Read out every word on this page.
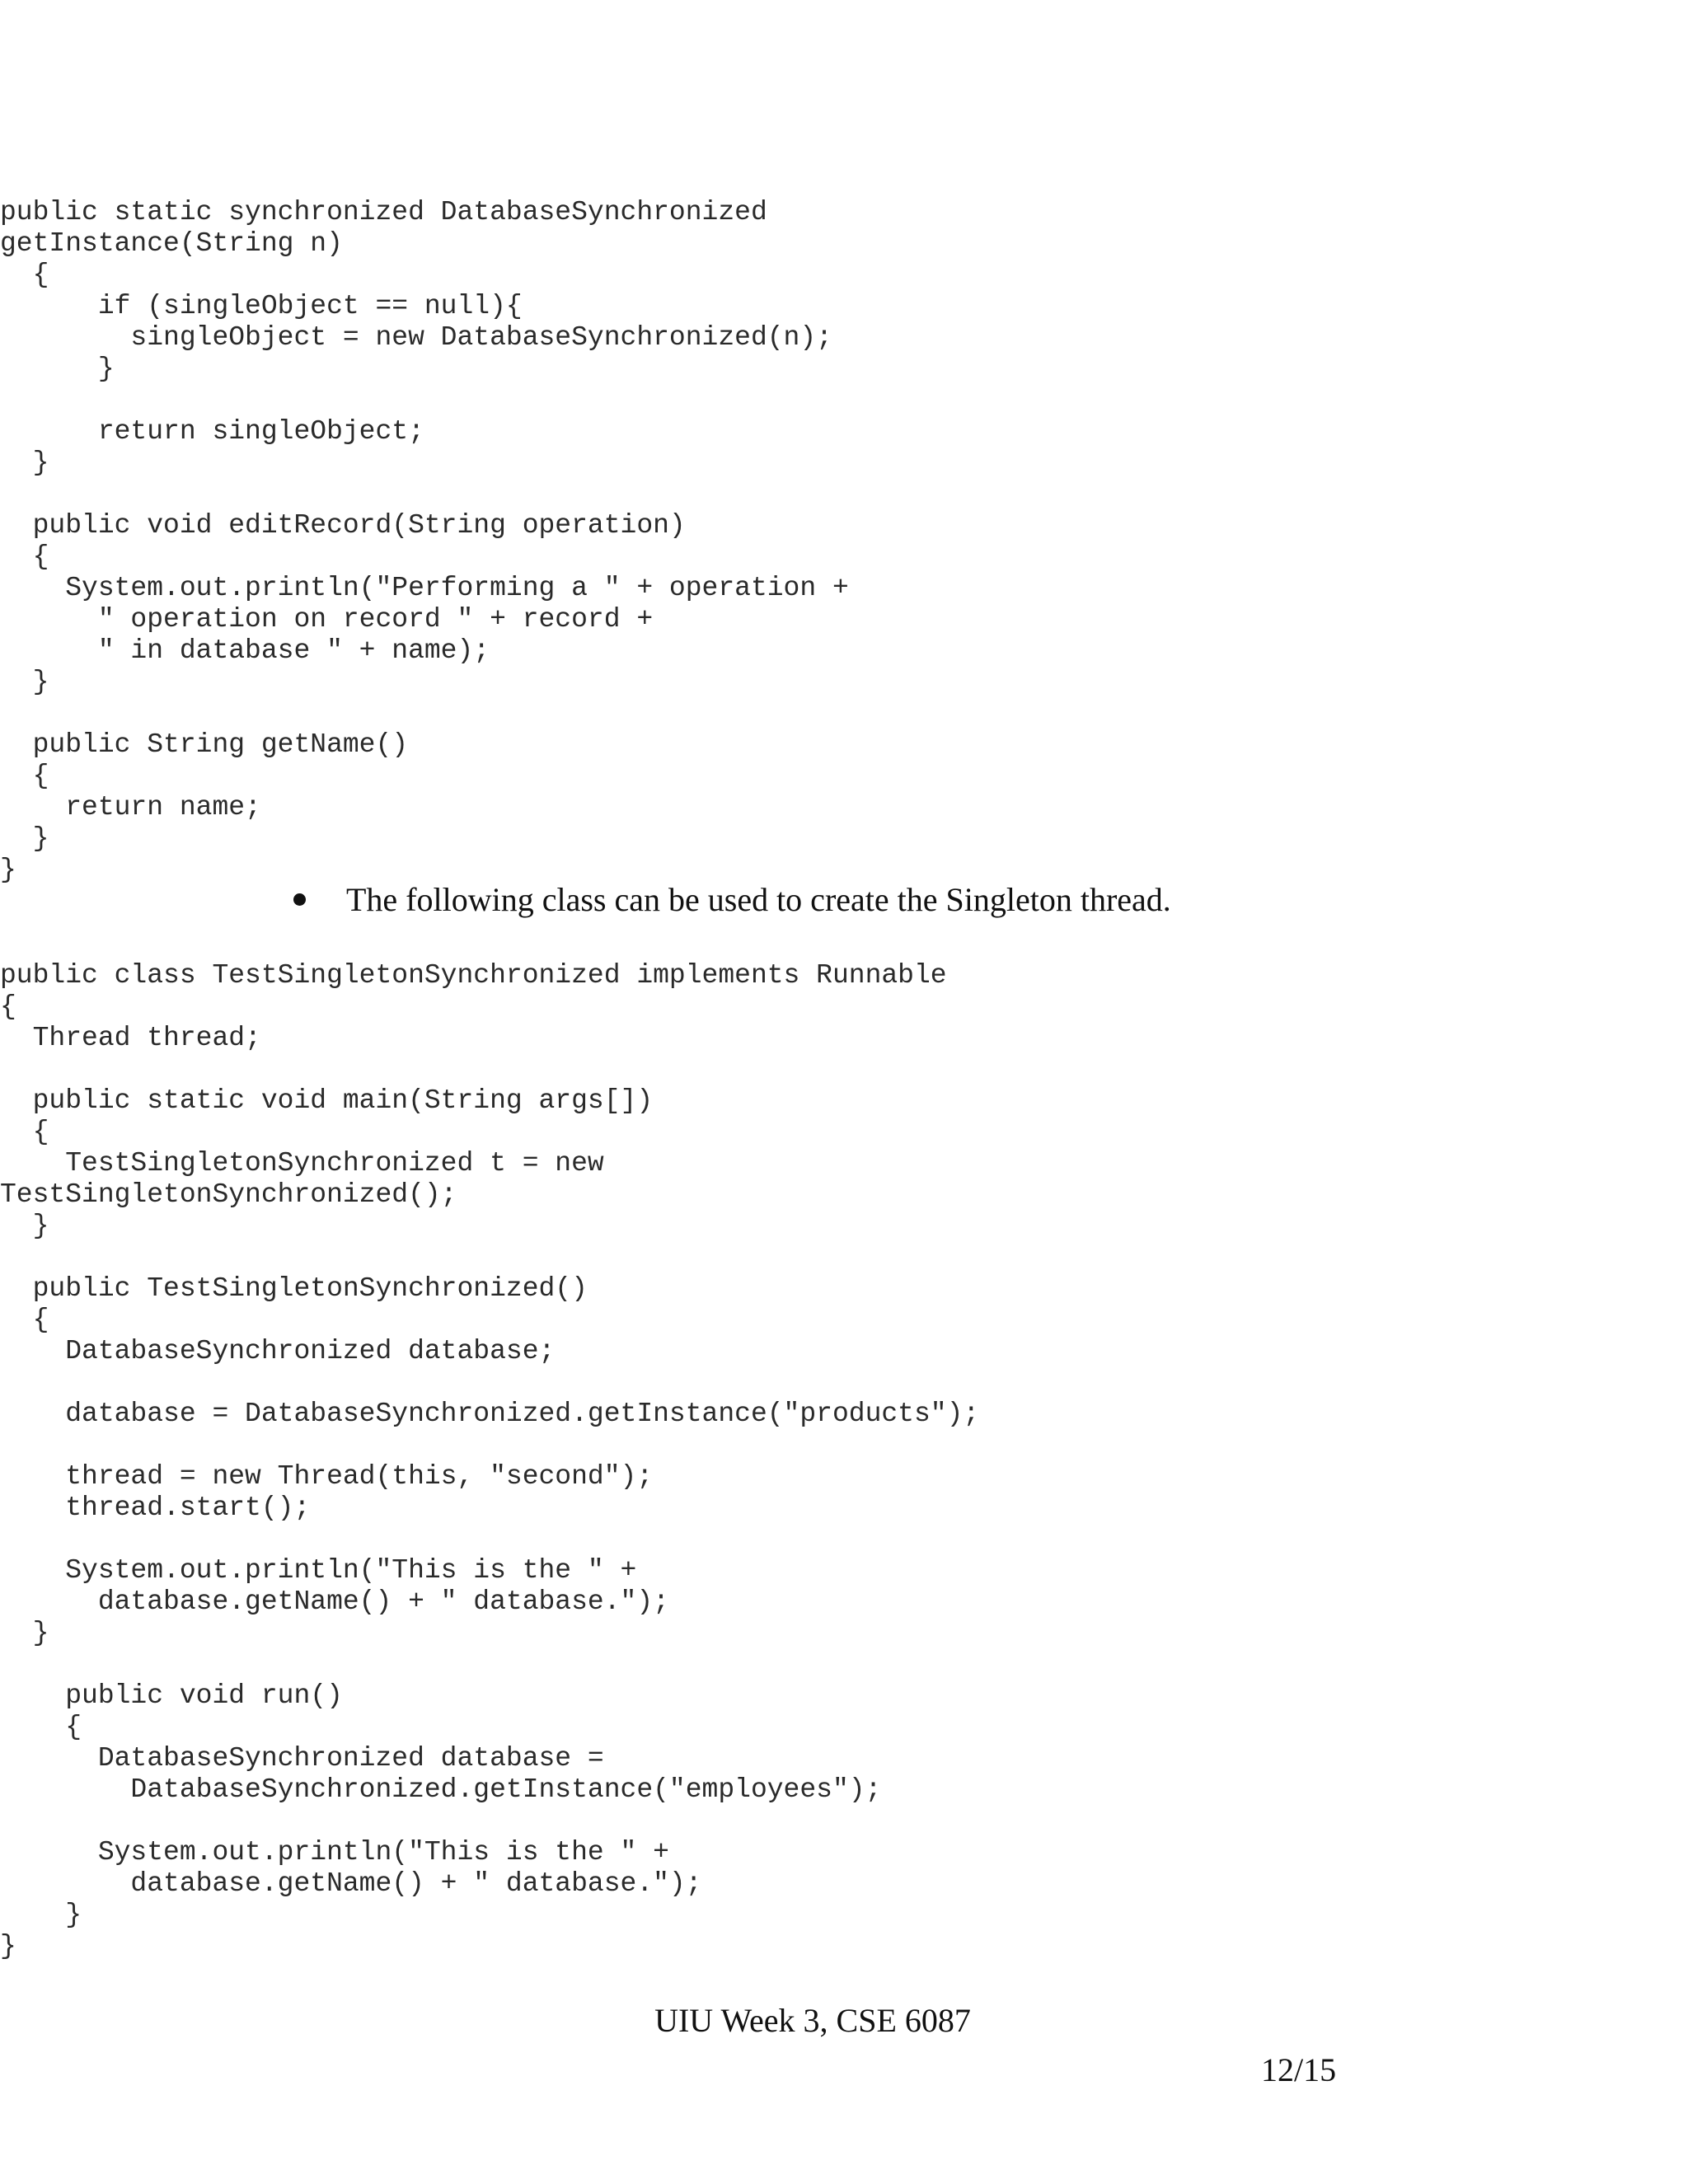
public static synchronized DatabaseSynchronized
getInstance(String n)
{
if (singleObject == null){
singleObject = new DatabaseSynchronized(n);
}
return singleObject;
}
public void editRecord(String operation)
{
System.out.println("Performing a " + operation +
" operation on record " + record +
" in database " + name);
}
public String getName()
{
return name;
}
}
The following class can be used to create the Singleton thread.
public class TestSingletonSynchronized implements Runnable
{
Thread thread;
public static void main(String args[])
{
TestSingletonSynchronized t = new
TestSingletonSynchronized();
}
public TestSingletonSynchronized()
{
DatabaseSynchronized database;
database = DatabaseSynchronized.getInstance("products");
thread = new Thread(this, "second");
thread.start();
System.out.println("This is the " +
database.getName() + " database.");
}
public void run()
{
DatabaseSynchronized database =
DatabaseSynchronized.getInstance("employees");
System.out.println("This is the " +
database.getName() + " database.");
}
}
UIU Week 3, CSE 6087
12/15
